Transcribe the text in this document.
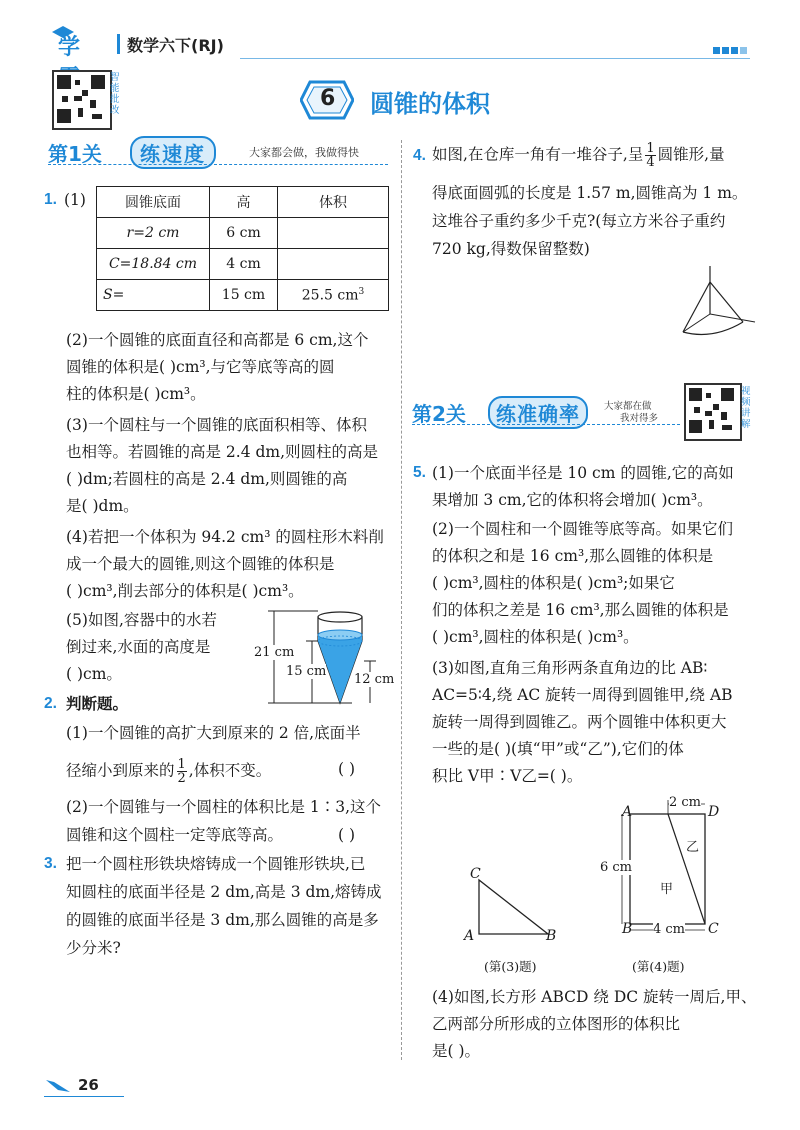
学	数学六下(RJ)
智能批改	6 圆锥的体积
第1关	练速度	大家都会做，我做得快
1. (1)	圆锥底面	高	体积
r=2 cm	6 cm	
C=18.84 cm	4 cm	
S=	15 cm	25.5 $cm^3$
(2)一个圆锥的底面直径和高都是 6 cm,这个
圆锥的体积是( )cm³,与它等底等高的圆
柱的体积是( )cm³。
(3)一个圆柱与一个圆锥的底面积相等、体积
也相等。若圆锥的高是 2.4 dm,则圆柱的高是
( )dm;若圆柱的高是 2.4 dm,则圆锥的高
是( )dm。
(4)若把一个体积为 94.2 cm³ 的圆柱形木料削
成一个最大的圆锥,则这个圆锥的体积是
( )cm³,削去部分的体积是( )cm³。
(5)如图,容器中的水若
倒过来,水面的高度是
( )cm。
21 cm
15 cm
12 cm
2. 判断题。
(1)一个圆锥的高扩大到原来的 2 倍,底面半
径缩小到原来的 $\frac{1}{2}$ ,体积不变。	( )
(2)一个圆锥与一个圆柱的体积比是 1∶3,这个
圆锥和这个圆柱一定等底等高。	( )
3. 把一个圆柱形铁块熔铸成一个圆锥形铁块,已
知圆柱的底面半径是 2 dm,高是 3 dm,熔铸成
的圆锥的底面半径是 3 dm,那么圆锥的高是多
少分米?
4. 如图,在仓库一角有一堆谷子,呈 $\frac{1}{4}$ 圆锥形,量
得底面圆弧的长度是 1.57 m,圆锥高为 1 m。
这堆谷子重约多少千克?(每立方米谷子重约
720 kg,得数保留整数)
第2关	练准确率	大家都在做
我对得多
视频讲解
5. (1)一个底面半径是 10 cm 的圆锥,它的高如
果增加 3 cm,它的体积将会增加( )cm³。
(2)一个圆柱和一个圆锥等底等高。如果它们
的体积之和是 16 cm³,那么圆锥的体积是
( )cm³,圆柱的体积是( )cm³;如果它
们的体积之差是 16 cm³,那么圆锥的体积是
( )cm³,圆柱的体积是( )cm³。
(3)如图,直角三角形两条直角边的比 AB∶
AC=5∶4,绕 AC 旋转一周得到圆锥甲,绕 AB
旋转一周得到圆锥乙。两个圆锥中体积更大
一些的是( )(填“甲”或“乙”),它们的体
积比 V甲∶V乙=( )。
C
A	B
(第(3)题)
A	D
B	C
2 cm
6 cm
4 cm
甲
乙
(第(4)题)
(4)如图,长方形 ABCD 绕 DC 旋转一周后,甲、
乙两部分所形成的立体图形的体积比
是( )。
26
